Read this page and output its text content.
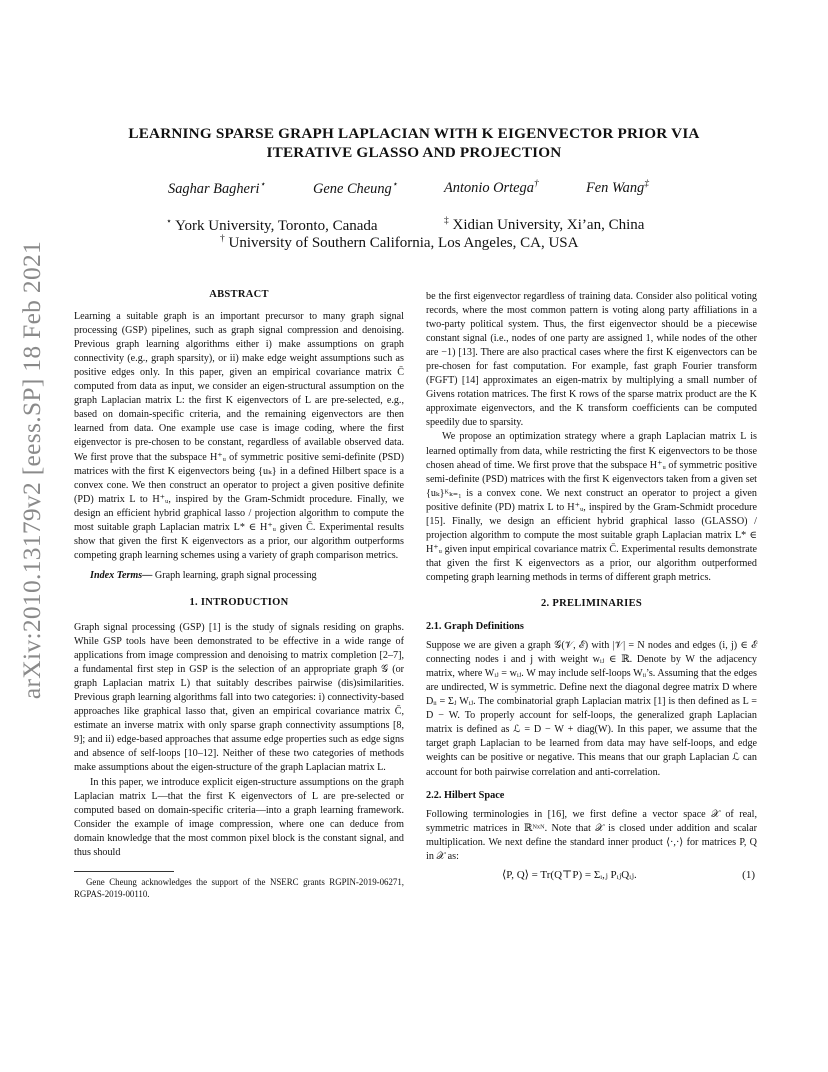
arXiv:2010.13179v2 [eess.SP] 18 Feb 2021
LEARNING SPARSE GRAPH LAPLACIAN WITH K EIGENVECTOR PRIOR VIA
ITERATIVE GLASSO AND PROJECTION
Saghar Bagheri⋆	Gene Cheung⋆	Antonio Ortega†	Fen Wang‡
⋆ York University, Toronto, Canada	‡ Xidian University, Xi’an, China
† University of Southern California, Los Angeles, CA, USA
ABSTRACT

Learning a suitable graph is an important precursor to many graph signal processing (GSP) pipelines, such as graph signal compression and denoising. Previous graph learning algorithms either i) make assumptions on graph connectivity (e.g., graph sparsity), or ii) make edge weight assumptions such as positive edges only. In this paper, given an empirical covariance matrix C̄ computed from data as input, we consider an eigen-structural assumption on the graph Laplacian matrix L: the first K eigenvectors of L are pre-selected, e.g., based on domain-specific criteria, and the remaining eigenvectors are then learned from data. One example use case is image coding, where the first eigenvector is pre-chosen to be constant, regardless of available observed data. We first prove that the subspace H⁺ᵤ of symmetric positive semi-definite (PSD) matrices with the first K eigenvectors being {uₖ} in a defined Hilbert space is a convex cone. We then construct an operator to project a given positive definite (PD) matrix L to H⁺ᵤ, inspired by the Gram-Schmidt procedure. Finally, we design an efficient hybrid graphical lasso / projection algorithm to compute the most suitable graph Laplacian matrix L* ∈ H⁺ᵤ given C̄. Experimental results show that given the first K eigenvectors as a prior, our algorithm outperforms competing graph learning schemes using a variety of graph comparison metrics.

Index Terms— Graph learning, graph signal processing

1. INTRODUCTION

Graph signal processing (GSP) [1] is the study of signals residing on graphs. While GSP tools have been demonstrated to be effective in a wide range of applications from image compression and denoising to matrix completion [2–7], a fundamental first step in GSP is the selection of an appropriate graph 𝒢 (or graph Laplacian matrix L) that suitably describes pairwise (dis)similarities. Previous graph learning algorithms fall into two categories: i) connectivity-based approaches like graphical lasso that, given an empirical covariance matrix C̄, estimate an inverse matrix with only sparse graph connectivity assumptions [8, 9]; and ii) edge-based approaches that assume edge properties such as edge signs and absence of self-loops [10–12]. Neither of these two categories of methods make assumptions about the eigen-structure of the graph Laplacian matrix L.

In this paper, we introduce explicit eigen-structure assumptions on the graph Laplacian matrix L—that the first K eigenvectors of L are pre-selected or computed based on domain-specific criteria—into a graph learning framework. Consider the example of image compression, where one can deduce from domain knowledge that the most common pixel block is the constant signal, and thus should

Gene Cheung acknowledges the support of the NSERC grants RGPIN-2019-06271, RGPAS-2019-00110.

be the first eigenvector regardless of training data. Consider also political voting records, where the most common pattern is voting along party affiliations in a two-party political system. Thus, the first eigenvector should be a piecewise constant signal (i.e., nodes of one party are assigned 1, while nodes of the other are −1) [13]. There are also practical cases where the first K eigenvectors can be pre-chosen for fast computation. For example, fast graph Fourier transform (FGFT) [14] approximates an eigen-matrix by multiplying a small number of Givens rotation matrices. The first K rows of the sparse matrix product are the K approximate eigenvectors, and the K transform coefficients can be computed speedily due to sparsity.

We propose an optimization strategy where a graph Laplacian matrix L is learned optimally from data, while restricting the first K eigenvectors to be those chosen ahead of time. We first prove that the subspace H⁺ᵤ of symmetric positive semi-definite (PSD) matrices with the first K eigenvectors taken from a given set {uₖ}ᴷₖ₌₁ is a convex cone. We next construct an operator to project a given positive definite (PD) matrix L to H⁺ᵤ, inspired by the Gram-Schmidt procedure [15]. Finally, we design an efficient hybrid graphical lasso (GLASSO) / projection algorithm to compute the most suitable graph Laplacian matrix L* ∈ H⁺ᵤ given input empirical covariance matrix C̄. Experimental results demonstrate that given the first K eigenvectors as a prior, our algorithm outperformed competing graph learning methods in terms of different graph metrics.

2. PRELIMINARIES
2.1. Graph Definitions

Suppose we are given a graph 𝒢(𝒱, ℰ) with |𝒱| = N nodes and edges (i, j) ∈ ℰ connecting nodes i and j with weight wᵢⱼ ∈ ℝ. Denote by W the adjacency matrix, where Wᵢⱼ = wᵢⱼ. W may include self-loops Wᵢᵢ’s. Assuming that the edges are undirected, W is symmetric. Define next the diagonal degree matrix D where Dᵢᵢ = Σⱼ Wᵢⱼ. The combinatorial graph Laplacian matrix [1] is then defined as L = D − W. To properly account for self-loops, the generalized graph Laplacian matrix is defined as ℒ = D − W + diag(W). In this paper, we assume that the target graph Laplacian to be learned from data may have self-loops, and edge weights can be positive or negative. This means that our graph Laplacian ℒ can account for both pairwise correlation and anti-correlation.

2.2. Hilbert Space

Following terminologies in [16], we first define a vector space 𝒳 of real, symmetric matrices in ℝᴺˣᴺ. Note that 𝒳 is closed under addition and scalar multiplication. We next define the standard inner product ⟨·,·⟩ for matrices P, Q in 𝒳 as:

⟨P, Q⟩ = Tr(Q⊤P) = Σᵢ,ⱼ PᵢⱼQᵢⱼ.	(1)
